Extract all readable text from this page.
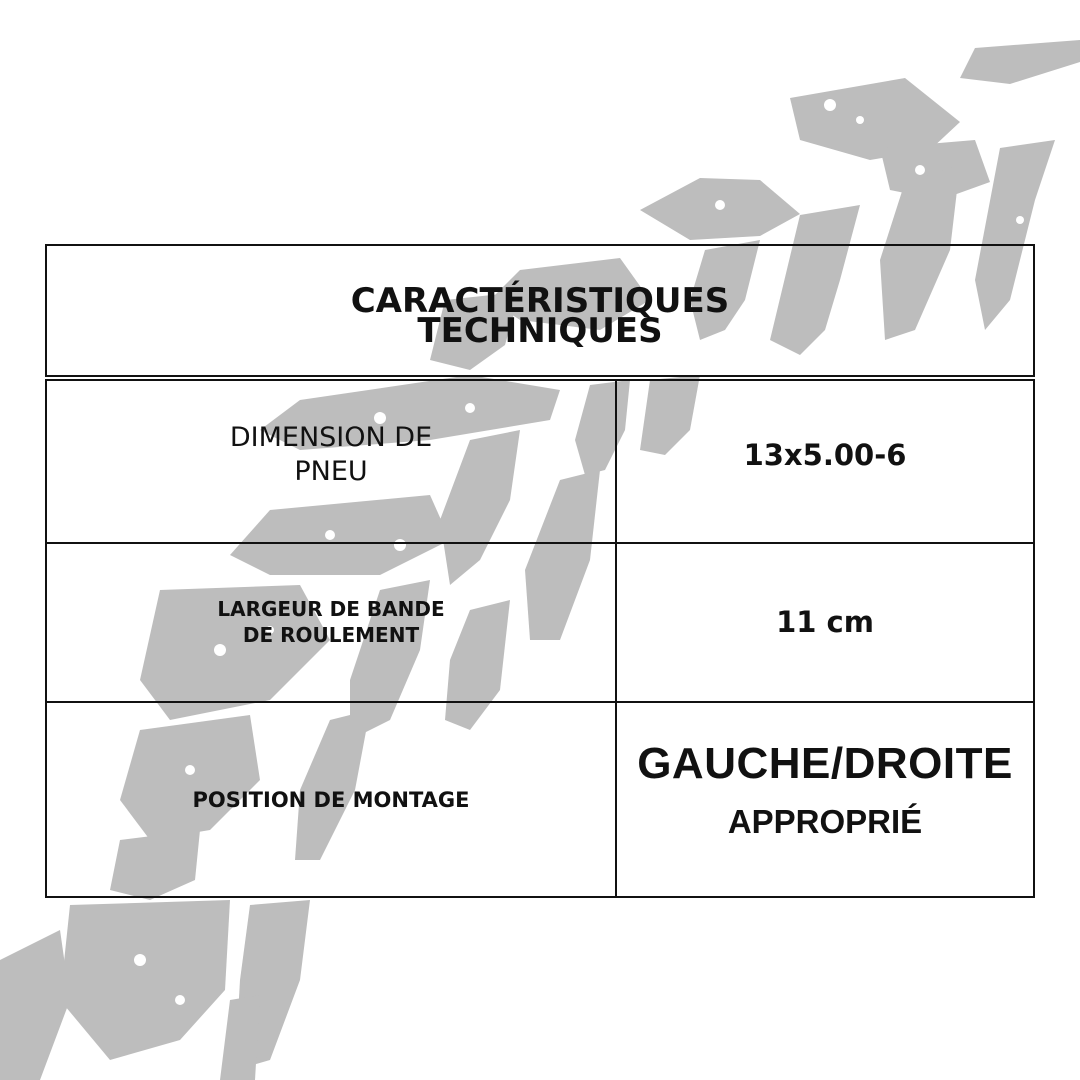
CARACTÉRISTIQUES TECHNIQUES
DIMENSION DE PNEU	13x5.00-6
LARGEUR DE BANDE DE ROULEMENT	11 cm
POSITION DE MONTAGE
GAUCHE/DROITE
APPROPRIÉ
